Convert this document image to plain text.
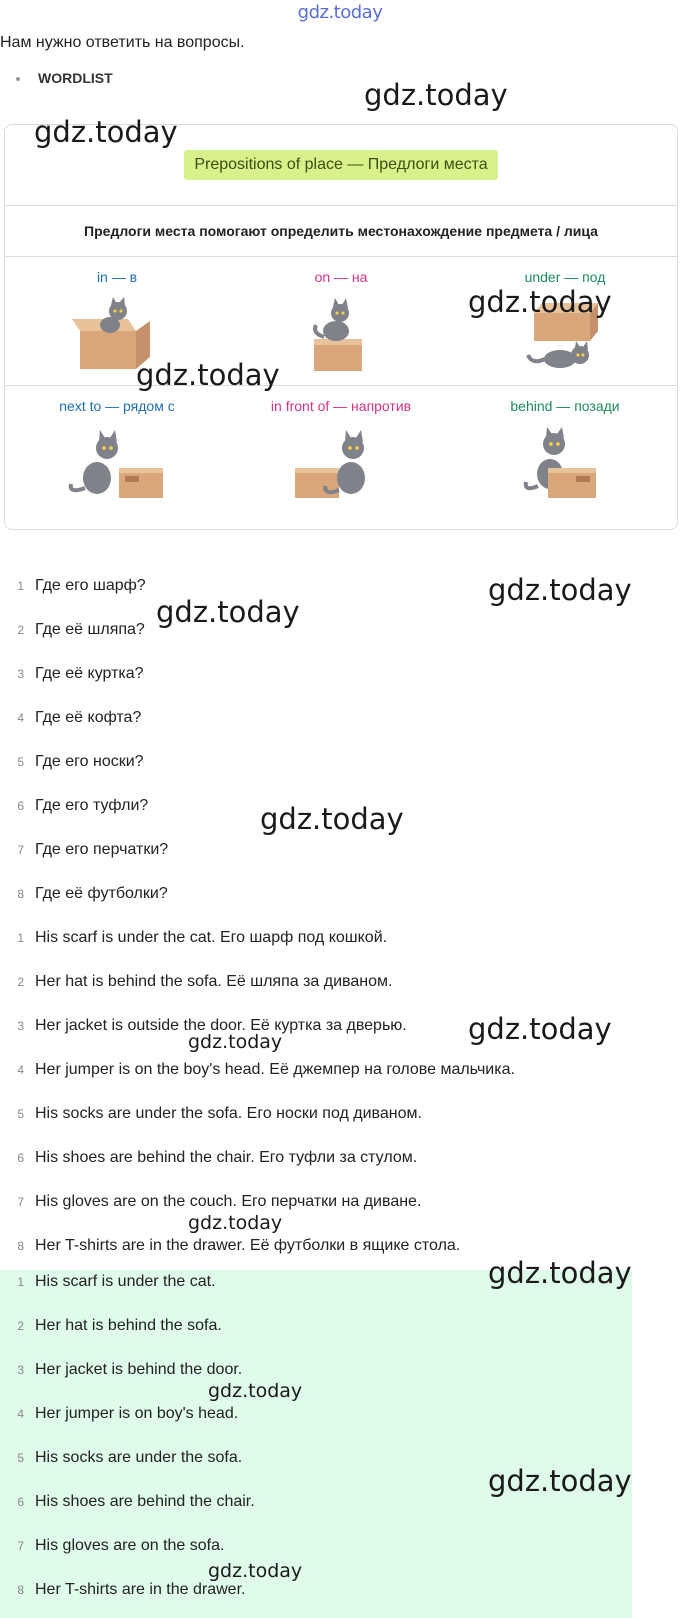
gdz.today
Нам нужно ответить на вопросы.
WORDLIST
Prepositions of place — Предлоги места
Предлоги места помогают определить местонахождение предмета / лица
in — в	on — на	under — под
next to — рядом с	in front of — напротив	behind — позади
1 Где его шарф?
2 Где её шляпа?
3 Где её куртка?
4 Где её кофта?
5 Где его носки?
6 Где его туфли?
7 Где его перчатки?
8 Где её футболки?
1 His scarf is under the cat. Его шарф под кошкой.
2 Her hat is behind the sofa. Её шляпа за диваном.
3 Her jacket is outside the door. Её куртка за дверью.
4 Her jumper is on the boy's head. Её джемпер на голове мальчика.
5 His socks are under the sofa. Его носки под диваном.
6 His shoes are behind the chair. Его туфли за стулом.
7 His gloves are on the couch. Его перчатки на диване.
8 Her T-shirts are in the drawer. Её футболки в ящике стола.
1 His scarf is under the cat.
2 Her hat is behind the sofa.
3 Her jacket is behind the door.
4 Her jumper is on boy's head.
5 His socks are under the sofa.
6 His shoes are behind the chair.
7 His gloves are on the sofa.
8 Her T-shirts are in the drawer.
gdz.today
gdz.today
gdz.today
gdz.today
gdz.today
gdz.today
gdz.today
gdz.today
gdz.today
gdz.today
gdz.today
gdz.today
gdz.today
gdz.today
